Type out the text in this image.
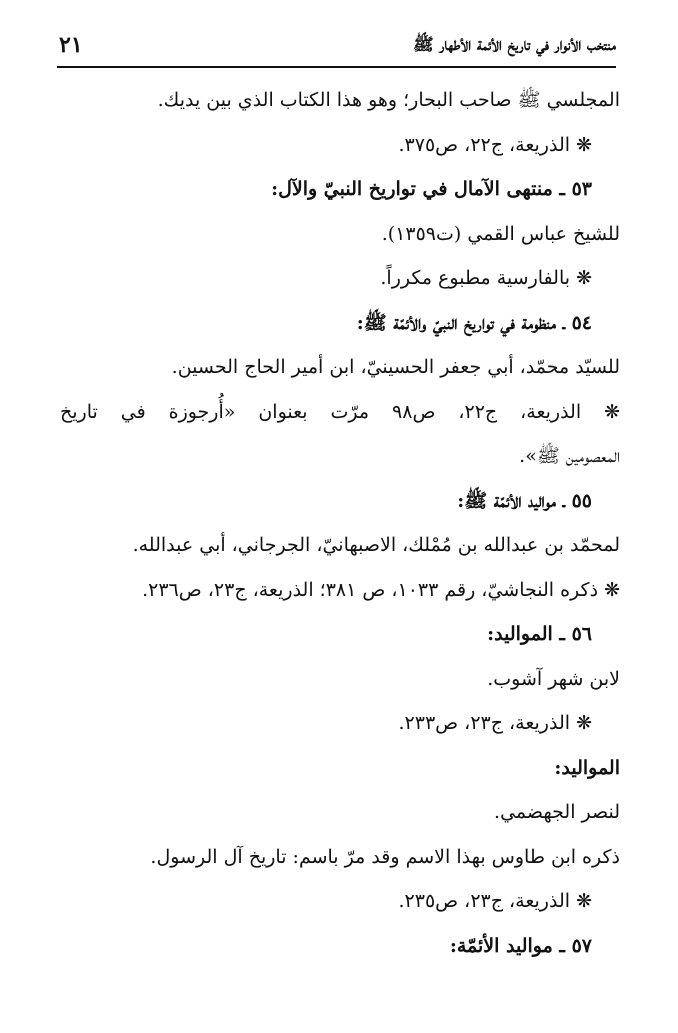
منتخب الأنوار في تاريخ الأئمة الأطهار ﷺ
٢١
المجلسي ﷺ صاحب البحار؛ وهو هذا الكتاب الذي بين يديك.
❋ الذريعة، ج٢٢، ص٣٧٥.
٥٣ ـ منتهى الآمال في تواريخ النبيّ والآل:
للشيخ عباس القمي (ت١٣٥٩).
❋ بالفارسية مطبوع مكرراً.
٥٤ ـ منظومة في تواريخ النبيّ والأئمّة ﷺ:
للسيّد محمّد، أبي جعفر الحسينيّ، ابن أمير الحاج الحسين.
❋ الذريعة، ج٢٢، ص٩٨ مرّت بعنوان «أُرجوزة في تاريخ
المعصومين ﷺ».
٥٥ ـ مواليد الأئمّة ﷺ:
لمحمّد بن عبدالله بن مُمْلك، الاصبهانيّ، الجرجاني، أبي عبدالله.
❋ ذكره النجاشيّ، رقم ١٠٣٣، ص ٣٨١؛ الذريعة، ج٢٣، ص٢٣٦.
٥٦ ـ المواليد:
لابن شهر آشوب.
❋ الذريعة، ج٢٣، ص٢٣٣.
المواليد:
لنصر الجهضمي.
ذكره ابن طاوس بهذا الاسم وقد مرّ باسم: تاريخ آل الرسول.
❋ الذريعة، ج٢٣، ص٢٣٥.
٥٧ ـ مواليد الأئمّة:
